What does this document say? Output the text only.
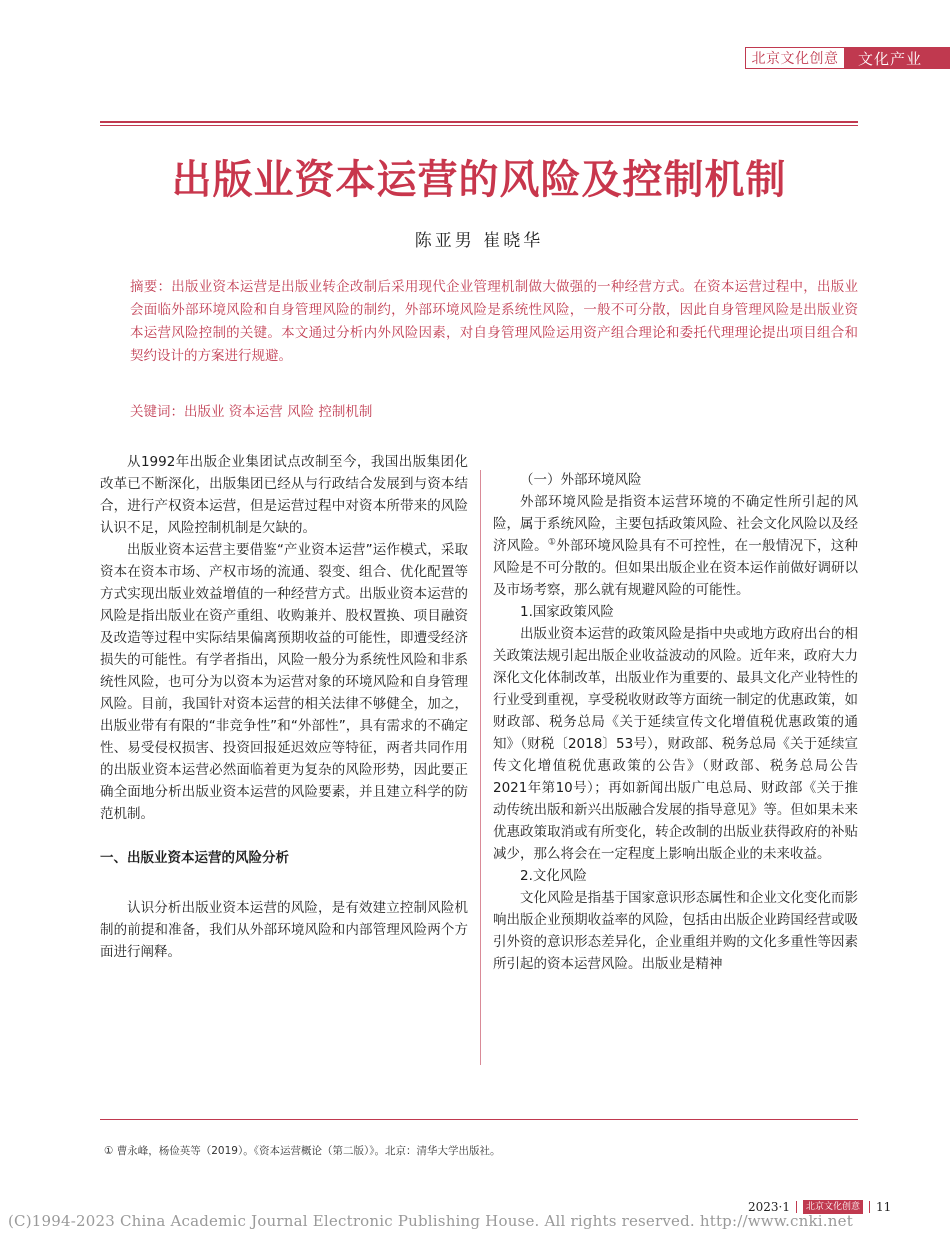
北京文化创意	文化产业
出版业资本运营的风险及控制机制
陈亚男 崔晓华
摘要：出版业资本运营是出版业转企改制后采用现代企业管理机制做大做强的一种经营方式。在资本运营过程中，出版业会面临外部环境风险和自身管理风险的制约，外部环境风险是系统性风险，一般不可分散，因此自身管理风险是出版业资本运营风险控制的关键。本文通过分析内外风险因素，对自身管理风险运用资产组合理论和委托代理理论提出项目组合和契约设计的方案进行规避。
关键词：出版业 资本运营 风险 控制机制

从1992年出版企业集团试点改制至今，我国出版集团化改革已不断深化，出版集团已经从与行政结合发展到与资本结合，进行产权资本运营，但是运营过程中对资本所带来的风险认识不足，风险控制机制是欠缺的。

出版业资本运营主要借鉴“产业资本运营”运作模式，采取资本在资本市场、产权市场的流通、裂变、组合、优化配置等方式实现出版业效益增值的一种经营方式。出版业资本运营的风险是指出版业在资产重组、收购兼并、股权置换、项目融资及改造等过程中实际结果偏离预期收益的可能性，即遭受经济损失的可能性。有学者指出，风险一般分为系统性风险和非系统性风险，也可分为以资本为运营对象的环境风险和自身管理风险。目前，我国针对资本运营的相关法律不够健全，加之，出版业带有有限的“非竞争性”和“外部性”，具有需求的不确定性、易受侵权损害、投资回报延迟效应等特征，两者共同作用的出版业资本运营必然面临着更为复杂的风险形势，因此要正确全面地分析出版业资本运营的风险要素，并且建立科学的防范机制。

一、出版业资本运营的风险分析

认识分析出版业资本运营的风险，是有效建立控制风险机制的前提和准备，我们从外部环境风险和内部管理风险两个方面进行阐释。

（一）外部环境风险

外部环境风险是指资本运营环境的不确定性所引起的风险，属于系统风险，主要包括政策风险、社会文化风险以及经济风险。①外部环境风险具有不可控性，在一般情况下，这种风险是不可分散的。但如果出版企业在资本运作前做好调研以及市场考察，那么就有规避风险的可能性。

1.国家政策风险

出版业资本运营的政策风险是指中央或地方政府出台的相关政策法规引起出版企业收益波动的风险。近年来，政府大力深化文化体制改革，出版业作为重要的、最具文化产业特性的行业受到重视，享受税收财政等方面统一制定的优惠政策，如财政部、税务总局《关于延续宣传文化增值税优惠政策的通知》（财税〔2018〕53号），财政部、税务总局《关于延续宣传文化增值税优惠政策的公告》（财政部、税务总局公告2021年第10号）；再如新闻出版广电总局、财政部《关于推动传统出版和新兴出版融合发展的指导意见》等。但如果未来优惠政策取消或有所变化，转企改制的出版业获得政府的补贴减少，那么将会在一定程度上影响出版企业的未来收益。

2.文化风险

文化风险是指基于国家意识形态属性和企业文化变化而影响出版企业预期收益率的风险，包括由出版企业跨国经营或吸引外资的意识形态差异化，企业重组并购的文化多重性等因素所引起的资本运营风险。出版业是精神

① 曹永峰，杨俭英等（2019）。《资本运营概论（第二版）》。北京：清华大学出版社。
2023·1	北京文化创意 11
(C)1994-2023 China Academic Journal Electronic Publishing House. All rights reserved. http://www.cnki.net
